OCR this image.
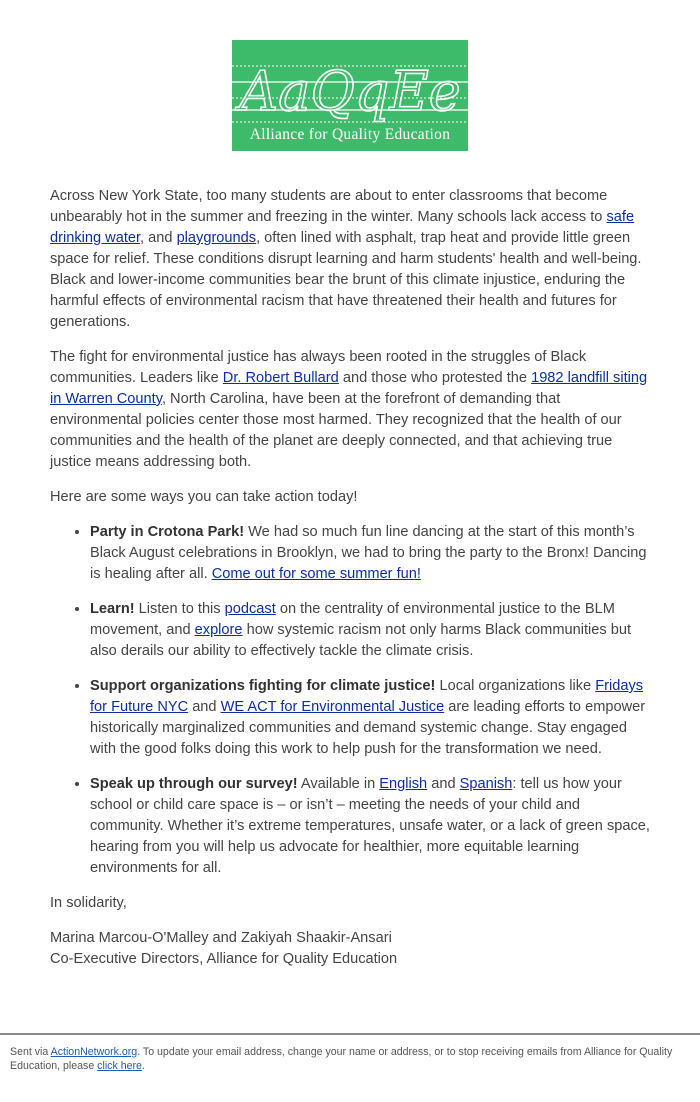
AaQqEe
Alliance for Quality Education

Across New York State, too many students are about to enter classrooms that become unbearably hot in the summer and freezing in the winter. Many schools lack access to safe drinking water, and playgrounds, often lined with asphalt, trap heat and provide little green space for relief. These conditions disrupt learning and harm students' health and well-being. Black and lower-income communities bear the brunt of this climate injustice, enduring the harmful effects of environmental racism that have threatened their health and futures for generations.

The fight for environmental justice has always been rooted in the struggles of Black communities. Leaders like Dr. Robert Bullard and those who protested the 1982 landfill siting in Warren County, North Carolina, have been at the forefront of demanding that environmental policies center those most harmed. They recognized that the health of our communities and the health of the planet are deeply connected, and that achieving true justice means addressing both.

Here are some ways you can take action today!

• Party in Crotona Park! We had so much fun line dancing at the start of this month’s Black August celebrations in Brooklyn, we had to bring the party to the Bronx! Dancing is healing after all. Come out for some summer fun!
• Learn! Listen to this podcast on the centrality of environmental justice to the BLM movement, and explore how systemic racism not only harms Black communities but also derails our ability to effectively tackle the climate crisis.
• Support organizations fighting for climate justice! Local organizations like Fridays for Future NYC and WE ACT for Environmental Justice are leading efforts to empower historically marginalized communities and demand systemic change. Stay engaged with the good folks doing this work to help push for the transformation we need.
• Speak up through our survey! Available in English and Spanish: tell us how your school or child care space is – or isn’t – meeting the needs of your child and community. Whether it’s extreme temperatures, unsafe water, or a lack of green space, hearing from you will help us advocate for healthier, more equitable learning environments for all.

In solidarity,

Marina Marcou-O'Malley and Zakiyah Shaakir-Ansari
Co-Executive Directors, Alliance for Quality Education

Sent via ActionNetwork.org. To update your email address, change your name or address, or to stop receiving emails from Alliance for Quality Education, please click here.
